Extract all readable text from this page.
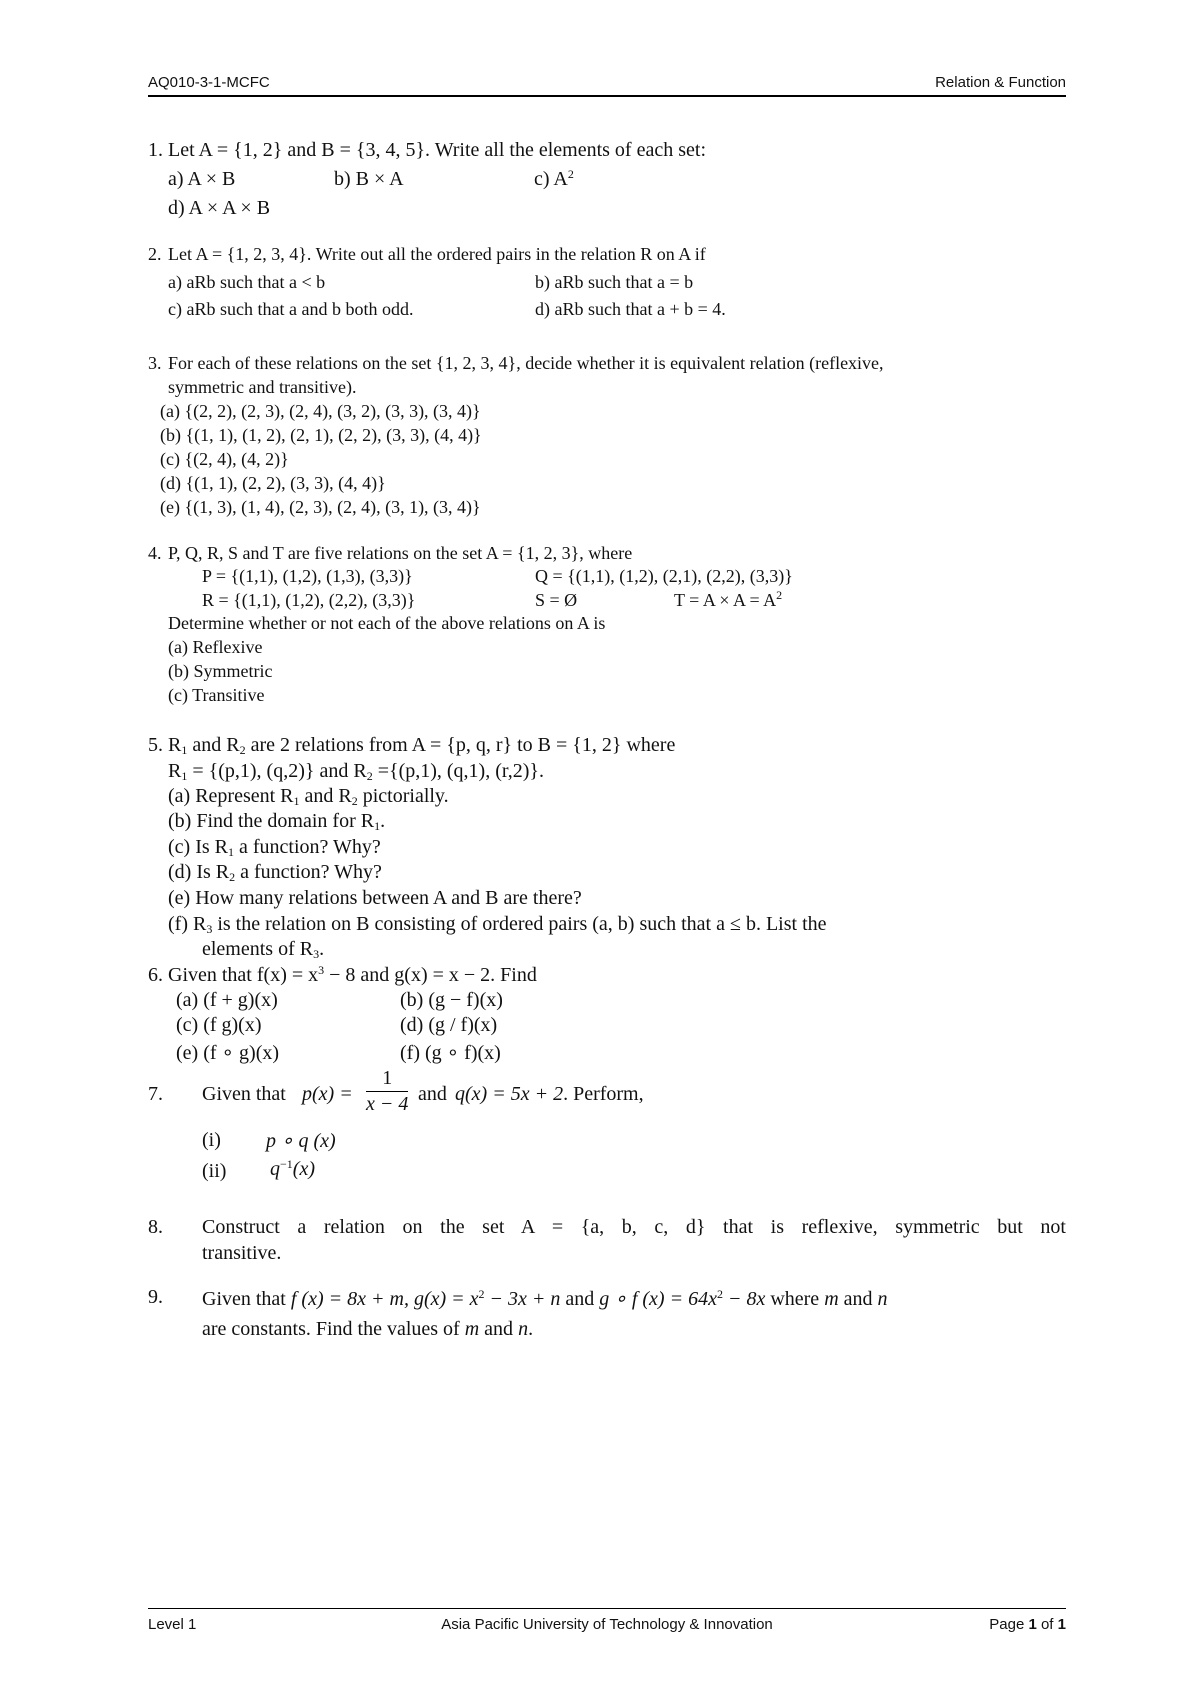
AQ010-3-1-MCFC	Relation & Function
1. Let A = {1, 2} and B = {3, 4, 5}. Write all the elements of each set:
a) A × B	b) B × A	c) $A^2$
d) A × A × B
2. Let A = {1, 2, 3, 4}. Write out all the ordered pairs in the relation R on A if
a) aRb such that a < b	b) aRb such that a = b
c) aRb such that a and b both odd.	d) aRb such that a + b = 4.
3. For each of these relations on the set {1, 2, 3, 4}, decide whether it is equivalent relation (reflexive,
symmetric and transitive).
(a) {(2, 2), (2, 3), (2, 4), (3, 2), (3, 3), (3, 4)}
(b) {(1, 1), (1, 2), (2, 1), (2, 2), (3, 3), (4, 4)}
(c) {(2, 4), (4, 2)}
(d) {(1, 1), (2, 2), (3, 3), (4, 4)}
(e) {(1, 3), (1, 4), (2, 3), (2, 4), (3, 1), (3, 4)}
4. P, Q, R, S and T are five relations on the set A = {1, 2, 3}, where
P = {(1,1), (1,2), (1,3), (3,3)}	Q = {(1,1), (1,2), (2,1), (2,2), (3,3)}
R = {(1,1), (1,2), (2,2), (3,3)}	S = Ø	$T = A \times A = A^2$
Determine whether or not each of the above relations on A is
(a) Reflexive
(b) Symmetric
(c) Transitive
5. $R_1$ and $R_2$ are 2 relations from A = {p, q, r} to B = {1, 2} where
$R_1 = \{(p,1)$, (q,2)} and $R_2 =\{(p,1)$, (q,1), (r,2)}.
(a) Represent $R_1$ and $R_2$ pictorially.
(b) Find the domain for $R_1$.
(c) Is $R_1$ a function? Why?
(d) Is $R_2$ a function? Why?
(e) How many relations between A and B are there?
(f) $R_3$ is the relation on B consisting of ordered pairs (a, b) such that a ≤ b. List the
elements of $R_3$.
6. Given that $f(x) = x^3 - 8$ and g(x) = x − 2. Find
(a) (f + g)(x)	(b) (g − f)(x)
(c) (f g)(x)	(d) (g / f)(x)
(e) (f ∘ g)(x)	(f) (g ∘ f)(x)
7. Given that $p(x) = \frac{1}{x - 4}$ and q(x) = 5x + 2. Perform,
(i) p ∘ q (x)
(ii) $q^{-1}(x)$
8. Construct a relation on the set A = {a, b, c, d} that is reflexive, symmetric but not
transitive.
9. Given that f (x) = 8x + m, $g(x) = x^2 - 3x + n$ and g ∘ f $(x) = 64x^2 - 8x$ where m and n
are constants. Find the values of m and n.
Level 1	Asia Pacific University of Technology & Innovation	Page 1 of 1
